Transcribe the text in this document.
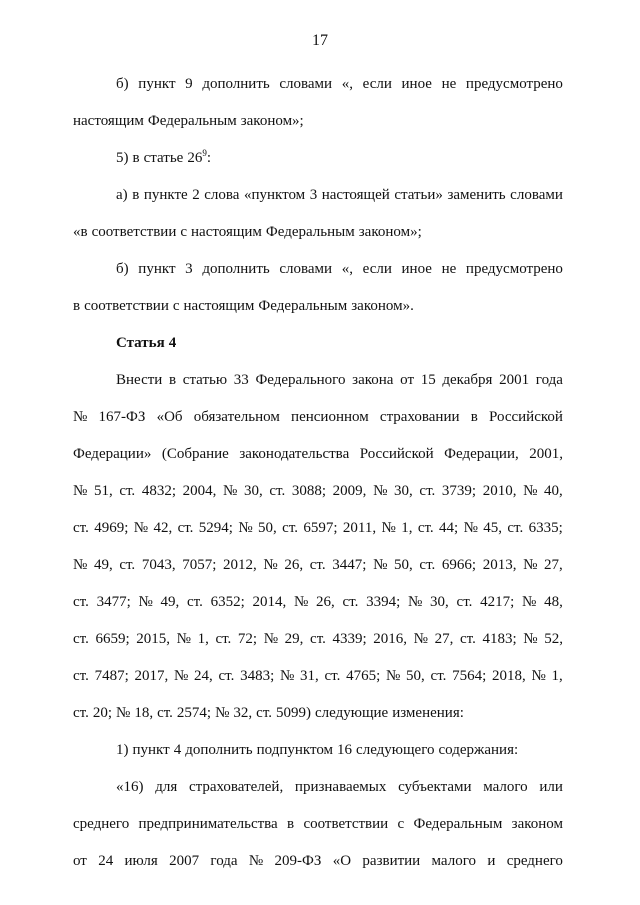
17
б) пункт 9 дополнить словами «, если иное не предусмотрено
настоящим Федеральным законом»;
5) в статье $26^9$:
а) в пункте 2 слова «пунктом 3 настоящей статьи» заменить словами
«в соответствии с настоящим Федеральным законом»;
б) пункт 3 дополнить словами «, если иное не предусмотрено
в соответствии с настоящим Федеральным законом».
Статья 4
Внести в статью 33 Федерального закона от 15 декабря 2001 года
№ 167-ФЗ «Об обязательном пенсионном страховании в Российской
Федерации» (Собрание законодательства Российской Федерации, 2001,
№ 51, ст. 4832; 2004, № 30, ст. 3088; 2009, № 30, ст. 3739; 2010, № 40,
ст. 4969; № 42, ст. 5294; № 50, ст. 6597; 2011, № 1, ст. 44; № 45, ст. 6335;
№ 49, ст. 7043, 7057; 2012, № 26, ст. 3447; № 50, ст. 6966; 2013, № 27,
ст. 3477; № 49, ст. 6352; 2014, № 26, ст. 3394; № 30, ст. 4217; № 48,
ст. 6659; 2015, № 1, ст. 72; № 29, ст. 4339; 2016, № 27, ст. 4183; № 52,
ст. 7487; 2017, № 24, ст. 3483; № 31, ст. 4765; № 50, ст. 7564; 2018, № 1,
ст. 20; № 18, ст. 2574; № 32, ст. 5099) следующие изменения:
1) пункт 4 дополнить подпунктом 16 следующего содержания:
«16) для страхователей, признаваемых субъектами малого или
среднего предпринимательства в соответствии с Федеральным законом
от 24 июля 2007 года № 209-ФЗ «О развитии малого и среднего
